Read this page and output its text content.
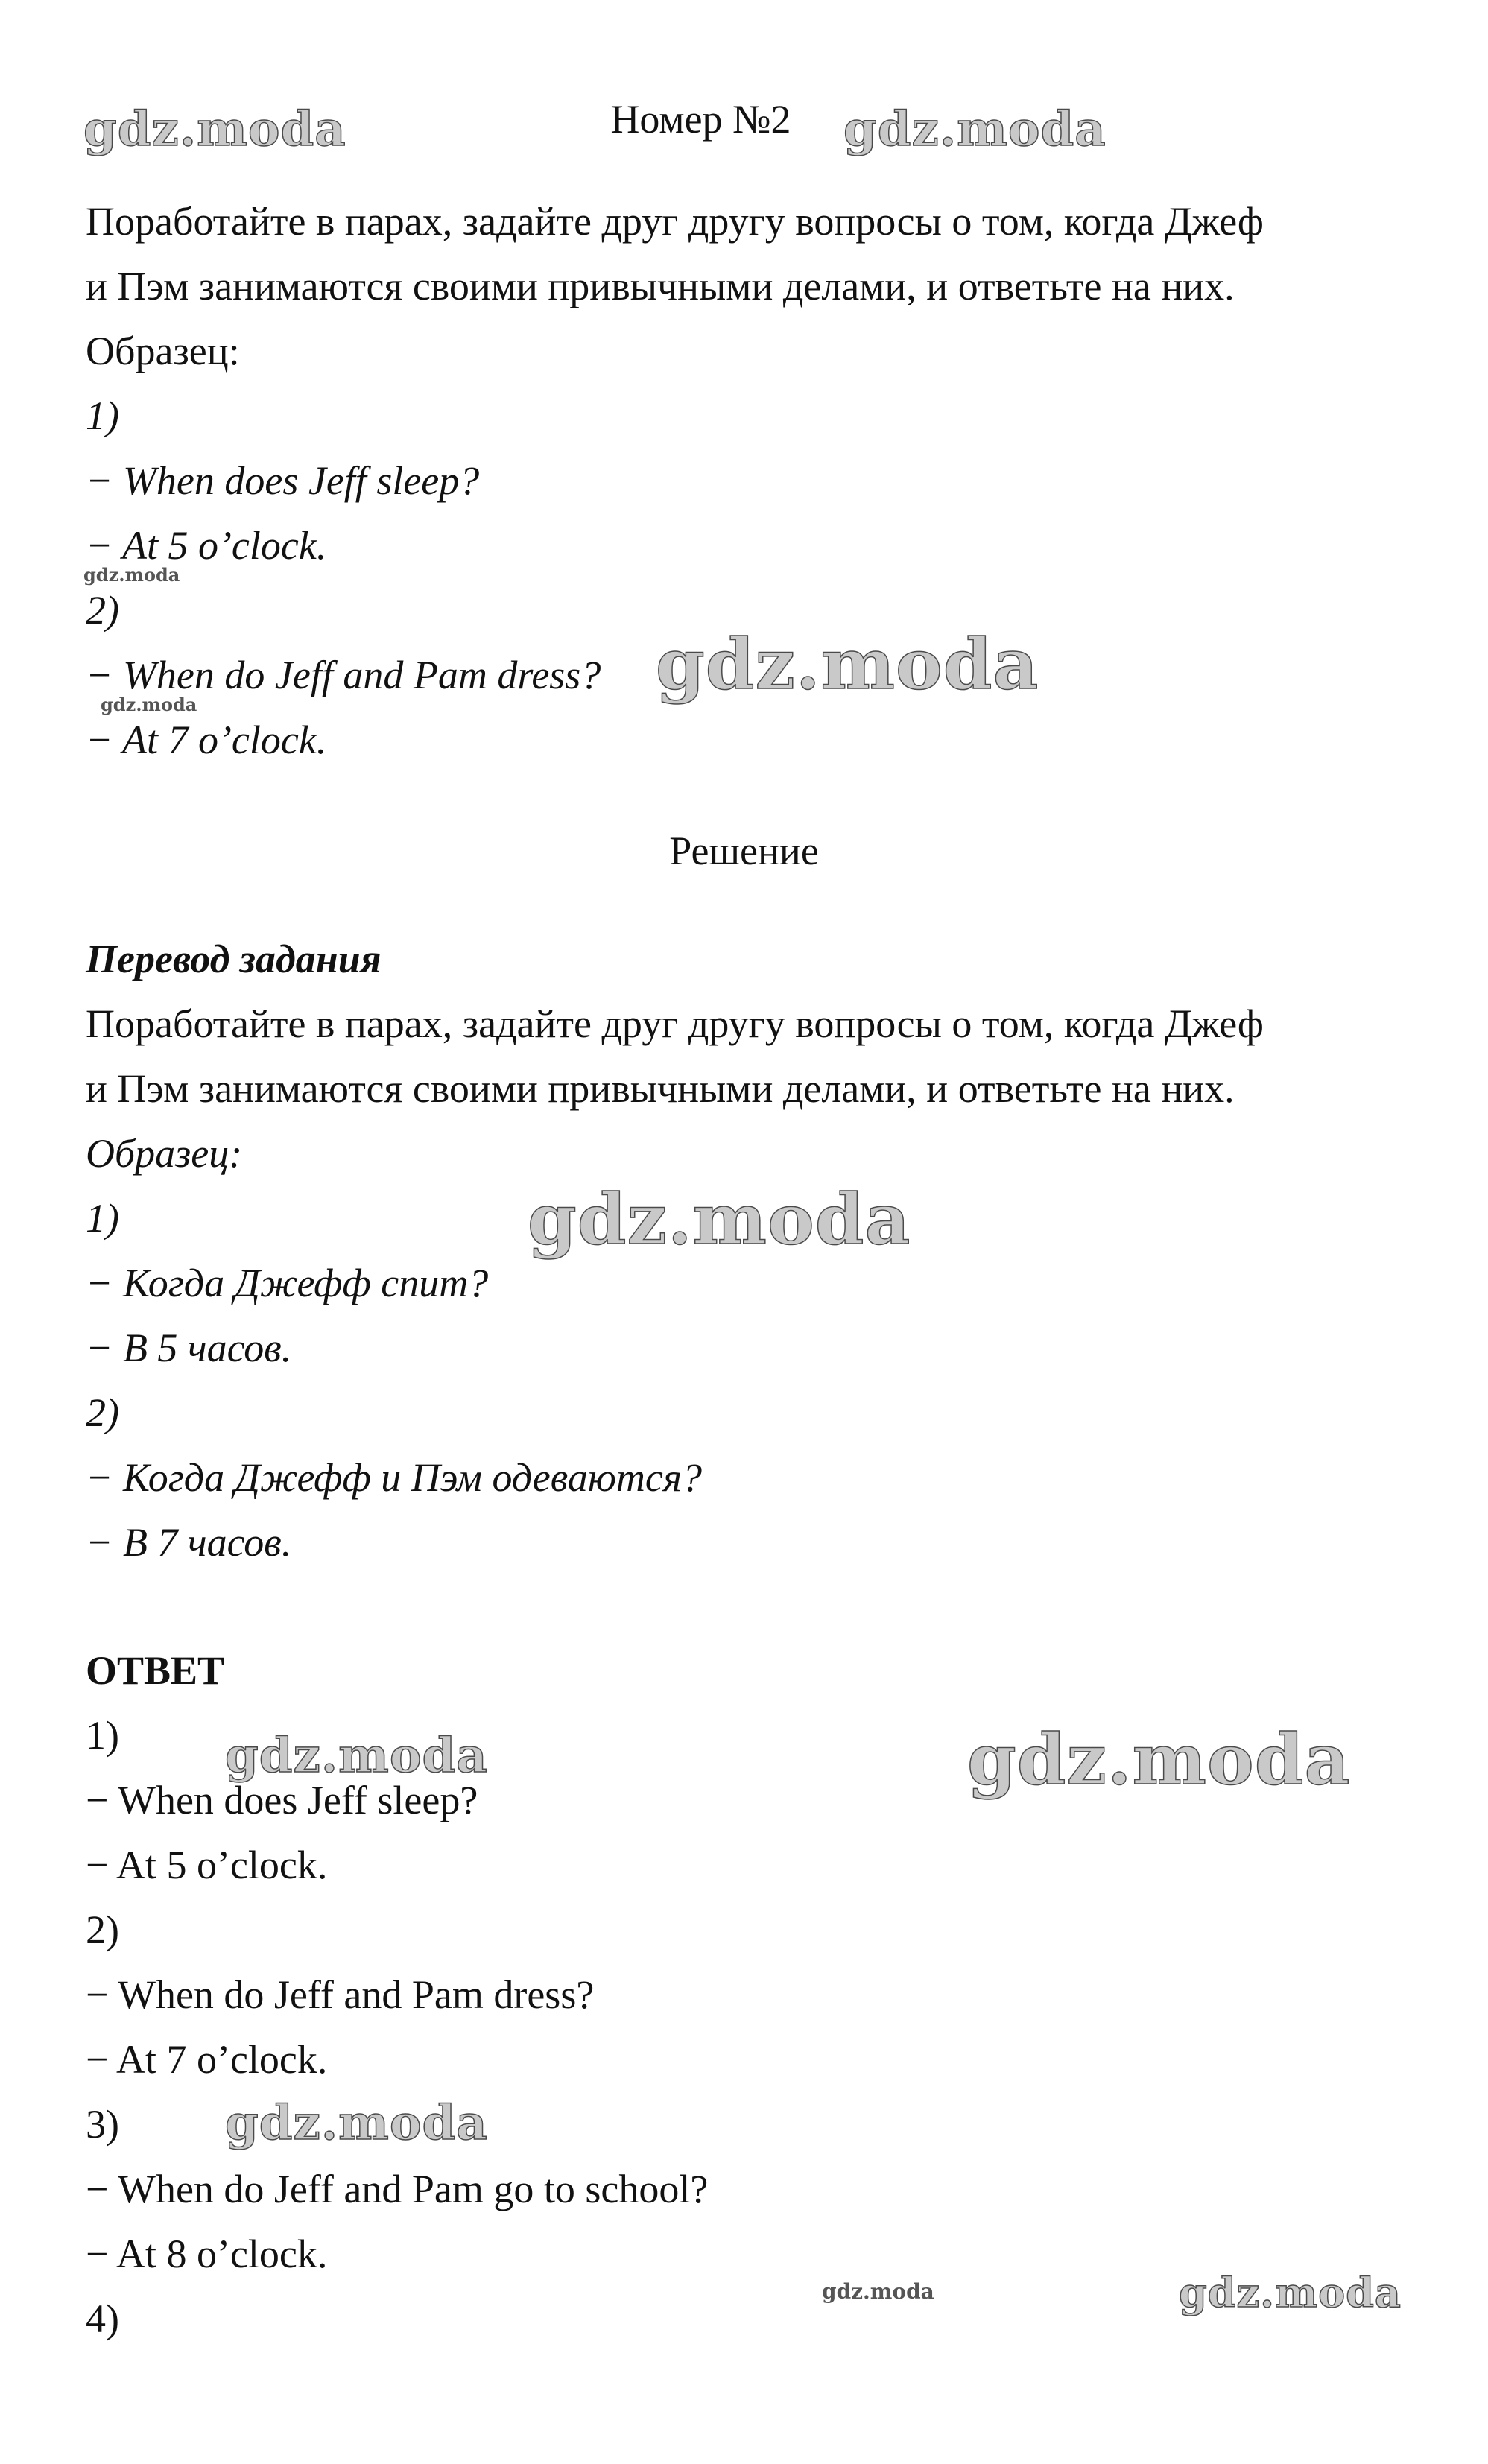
Номер №2
Поработайте в парах, задайте друг другу вопросы о том, когда Джеф
и Пэм занимаются своими привычными делами, и ответьте на них.
Образец:
1)
− When does Jeff sleep?
− At 5 o’clock.
2)
− When do Jeff and Pam dress?
− At 7 o’clock.
Решение
Перевод задания
Поработайте в парах, задайте друг другу вопросы о том, когда Джеф
и Пэм занимаются своими привычными делами, и ответьте на них.
Образец:
1)
− Когда Джефф спит?
− В 5 часов.
2)
− Когда Джефф и Пэм одеваются?
− В 7 часов.
ОТВЕТ
1)
− When does Jeff sleep?
− At 5 o’clock.
2)
− When do Jeff and Pam dress?
− At 7 o’clock.
3)
− When do Jeff and Pam go to school?
− At 8 o’clock.
4)
gdz.moda	gdz.moda
gdz.moda
gdz.moda
gdz.moda
gdz.moda
gdz.moda	gdz.moda
gdz.moda
gdz.moda	gdz.moda
